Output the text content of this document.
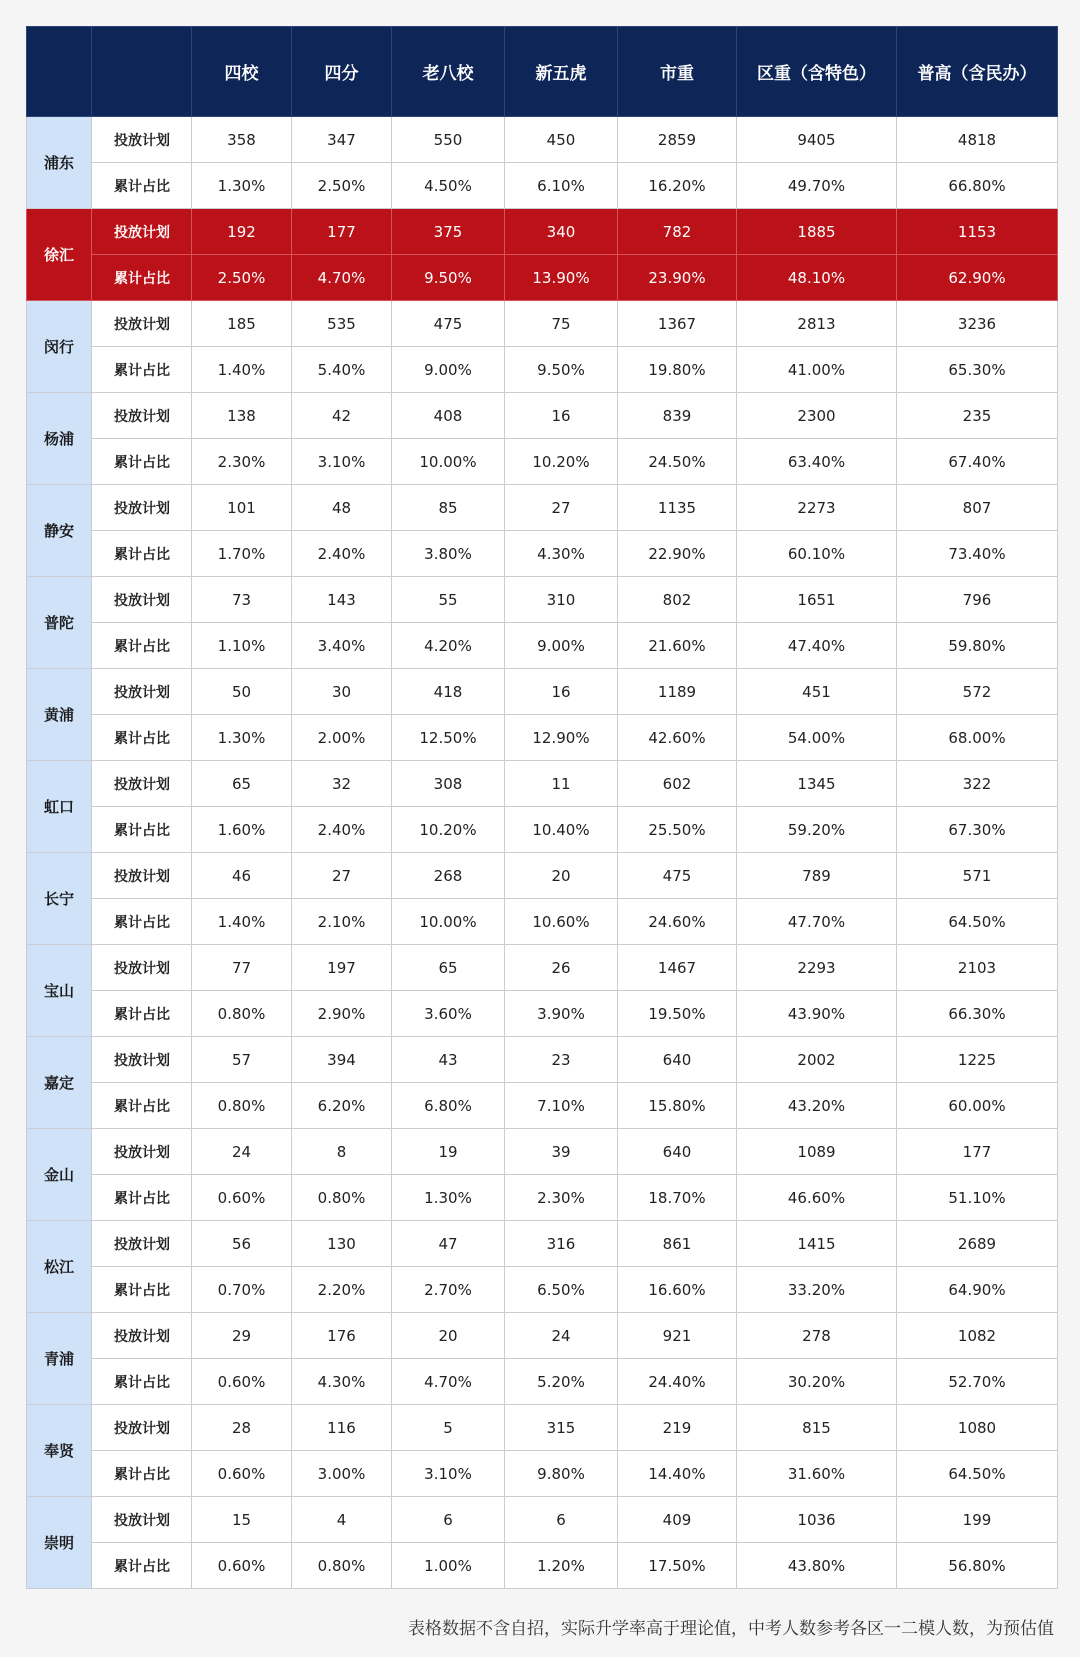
		四校	四分	老八校	新五虎	市重	区重（含特色）	普高（含民办）
浦东	投放计划	358	347	550	450	2859	9405	4818
	累计占比	1.30%	2.50%	4.50%	6.10%	16.20%	49.70%	66.80%
徐汇	投放计划	192	177	375	340	782	1885	1153
	累计占比	2.50%	4.70%	9.50%	13.90%	23.90%	48.10%	62.90%
闵行	投放计划	185	535	475	75	1367	2813	3236
	累计占比	1.40%	5.40%	9.00%	9.50%	19.80%	41.00%	65.30%
杨浦	投放计划	138	42	408	16	839	2300	235
	累计占比	2.30%	3.10%	10.00%	10.20%	24.50%	63.40%	67.40%
静安	投放计划	101	48	85	27	1135	2273	807
	累计占比	1.70%	2.40%	3.80%	4.30%	22.90%	60.10%	73.40%
普陀	投放计划	73	143	55	310	802	1651	796
	累计占比	1.10%	3.40%	4.20%	9.00%	21.60%	47.40%	59.80%
黄浦	投放计划	50	30	418	16	1189	451	572
	累计占比	1.30%	2.00%	12.50%	12.90%	42.60%	54.00%	68.00%
虹口	投放计划	65	32	308	11	602	1345	322
	累计占比	1.60%	2.40%	10.20%	10.40%	25.50%	59.20%	67.30%
长宁	投放计划	46	27	268	20	475	789	571
	累计占比	1.40%	2.10%	10.00%	10.60%	24.60%	47.70%	64.50%
宝山	投放计划	77	197	65	26	1467	2293	2103
	累计占比	0.80%	2.90%	3.60%	3.90%	19.50%	43.90%	66.30%
嘉定	投放计划	57	394	43	23	640	2002	1225
	累计占比	0.80%	6.20%	6.80%	7.10%	15.80%	43.20%	60.00%
金山	投放计划	24	8	19	39	640	1089	177
	累计占比	0.60%	0.80%	1.30%	2.30%	18.70%	46.60%	51.10%
松江	投放计划	56	130	47	316	861	1415	2689
	累计占比	0.70%	2.20%	2.70%	6.50%	16.60%	33.20%	64.90%
青浦	投放计划	29	176	20	24	921	278	1082
	累计占比	0.60%	4.30%	4.70%	5.20%	24.40%	30.20%	52.70%
奉贤	投放计划	28	116	5	315	219	815	1080
	累计占比	0.60%	3.00%	3.10%	9.80%	14.40%	31.60%	64.50%
崇明	投放计划	15	4	6	6	409	1036	199
	累计占比	0.60%	0.80%	1.00%	1.20%	17.50%	43.80%	56.80%
表格数据不含自招，实际升学率高于理论值，中考人数参考各区一二模人数，为预估值
